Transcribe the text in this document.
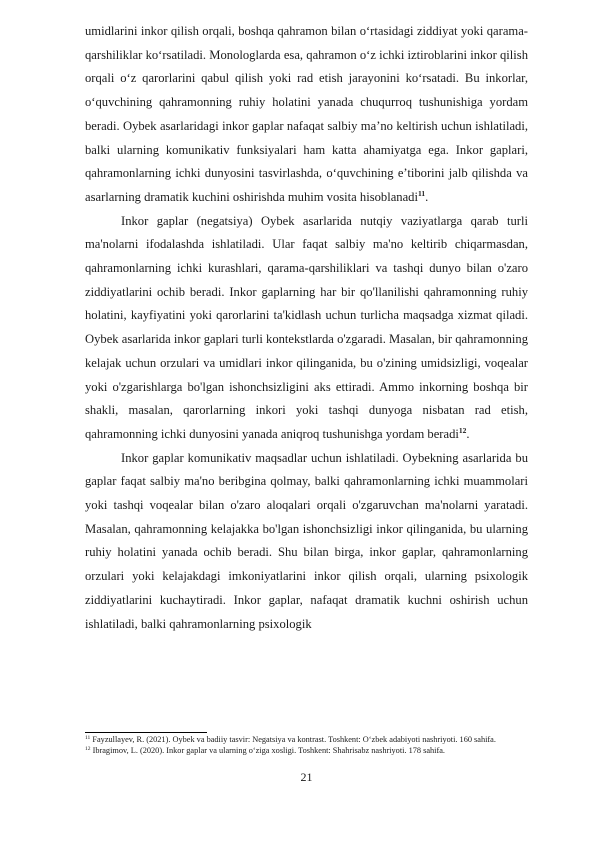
umidlarini inkor qilish orqali, boshqa qahramon bilan o‘rtasidagi ziddiyat yoki qarama-qarshiliklar ko‘rsatiladi. Monologlarda esa, qahramon o‘z ichki iztiroblarini inkor qilish orqali o‘z qarorlarini qabul qilish yoki rad etish jarayonini ko‘rsatadi. Bu inkorlar, o‘quvchining qahramonning ruhiy holatini yanada chuqurroq tushunishiga yordam beradi. Oybek asarlaridagi inkor gaplar nafaqat salbiy ma’no keltirish uchun ishlatiladi, balki ularning komunikativ funksiyalari ham katta ahamiyatga ega. Inkor gaplari, qahramonlarning ichki dunyosini tasvirlashda, o‘quvchining e’tiborini jalb qilishda va asarlarning dramatik kuchini oshirishda muhim vosita hisoblanadi$^{11}$.

Inkor gaplar (negatsiya) Oybek asarlarida nutqiy vaziyatlarga qarab turli ma'nolarni ifodalashda ishlatiladi. Ular faqat salbiy ma'no keltirib chiqarmasdan, qahramonlarning ichki kurashlari, qarama-qarshiliklari va tashqi dunyo bilan o'zaro ziddiyatlarini ochib beradi. Inkor gaplarning har bir qo'llanilishi qahramonning ruhiy holatini, kayfiyatini yoki qarorlarini ta'kidlash uchun turlicha maqsadga xizmat qiladi. Oybek asarlarida inkor gaplari turli kontekstlarda o'zgaradi. Masalan, bir qahramonning kelajak uchun orzulari va umidlari inkor qilinganida, bu o'zining umidsizligi, voqealar yoki o'zgarishlarga bo'lgan ishonchsizligini aks ettiradi. Ammo inkorning boshqa bir shakli, masalan, qarorlarning inkori yoki tashqi dunyoga nisbatan rad etish, qahramonning ichki dunyosini yanada aniqroq tushunishga yordam beradi$^{12}$.

Inkor gaplar komunikativ maqsadlar uchun ishlatiladi. Oybekning asarlarida bu gaplar faqat salbiy ma'no beribgina qolmay, balki qahramonlarning ichki muammolari yoki tashqi voqealar bilan o'zaro aloqalari orqali o'zgaruvchan ma'nolarni yaratadi. Masalan, qahramonning kelajakka bo'lgan ishonchsizligi inkor qilinganida, bu ularning ruhiy holatini yanada ochib beradi. Shu bilan birga, inkor gaplar, qahramonlarning orzulari yoki kelajakdagi imkoniyatlarini inkor qilish orqali, ularning psixologik ziddiyatlarini kuchaytiradi. Inkor gaplar, nafaqat dramatik kuchni oshirish uchun ishlatiladi, balki qahramonlarning psixologik

$^{11}$ Fayzullayev, R. (2021). Oybek va badiiy tasvir: Negatsiya va kontrast. Toshkent: O‘zbek adabiyoti nashriyoti. 160 sahifa.

$^{12}$ Ibragimov, L. (2020). Inkor gaplar va ularning o‘ziga xosligi. Toshkent: Shahrisabz nashriyoti. 178 sahifa.

21
